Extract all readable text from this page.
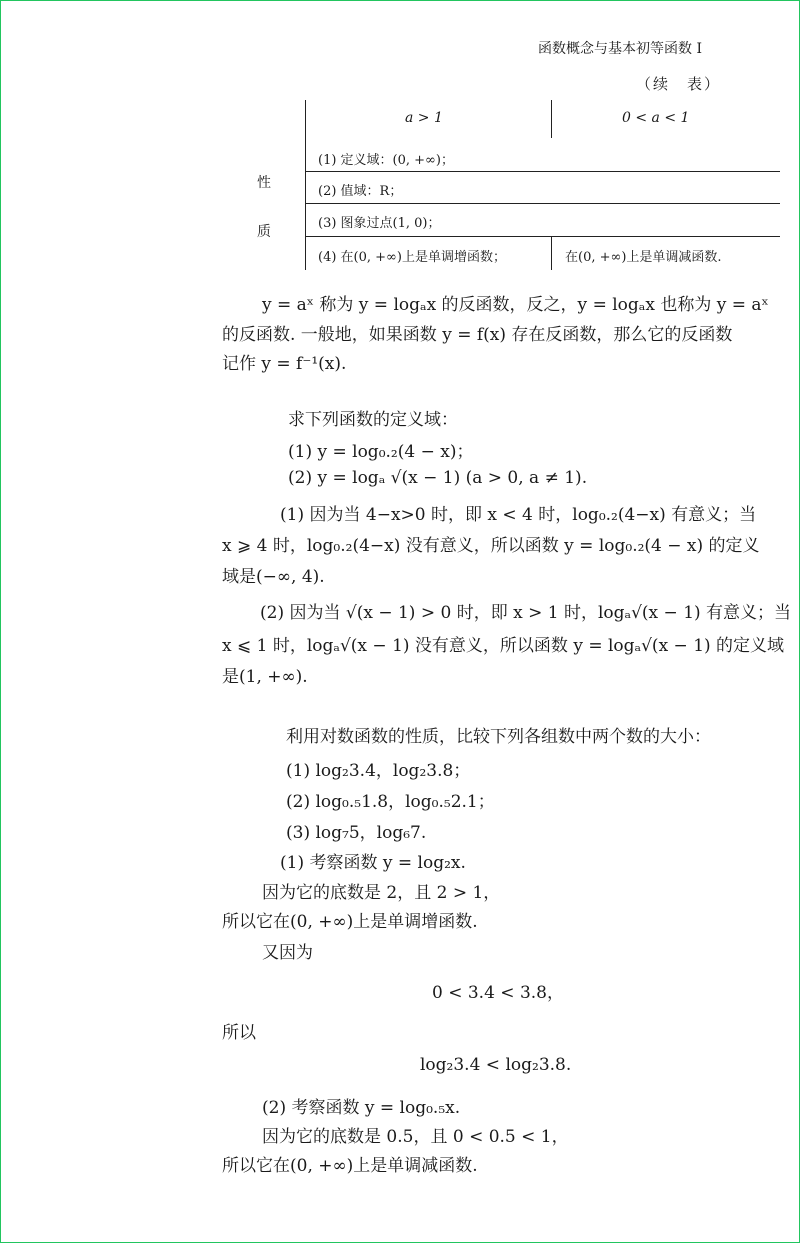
函数概念与基本初等函数 I
（续　表）
a > 1	0 < a < 1
性
质
(1) 定义域：(0, +∞)；
(2) 值域：R；
(3) 图象过点(1, 0)；
(4) 在(0, +∞)上是单调增函数；	在(0, +∞)上是单调减函数.
y = aˣ 称为 y = logₐx 的反函数，反之，y = logₐx 也称为 y = aˣ
的反函数. 一般地，如果函数 y = f(x) 存在反函数，那么它的反函数
记作 y = f⁻¹(x).
求下列函数的定义域：
(1) y = log₀.₂(4 − x)；
(2) y = logₐ √(x − 1) (a > 0, a ≠ 1).
(1) 因为当 4−x>0 时，即 x < 4 时，log₀.₂(4−x) 有意义；当
x ⩾ 4 时，log₀.₂(4−x) 没有意义，所以函数 y = log₀.₂(4 − x) 的定义
域是(−∞, 4).
(2) 因为当 √(x − 1) > 0 时，即 x > 1 时，logₐ√(x − 1) 有意义；当
x ⩽ 1 时，logₐ√(x − 1) 没有意义，所以函数 y = logₐ√(x − 1) 的定义域
是(1, +∞).
利用对数函数的性质，比较下列各组数中两个数的大小：
(1) log₂3.4，log₂3.8；
(2) log₀.₅1.8，log₀.₅2.1；
(3) log₇5，log₆7.
(1) 考察函数 y = log₂x.
因为它的底数是 2，且 2 > 1，
所以它在(0, +∞)上是单调增函数.
又因为
0 < 3.4 < 3.8，
所以
log₂3.4 < log₂3.8.
(2) 考察函数 y = log₀.₅x.
因为它的底数是 0.5，且 0 < 0.5 < 1，
所以它在(0, +∞)上是单调减函数.
